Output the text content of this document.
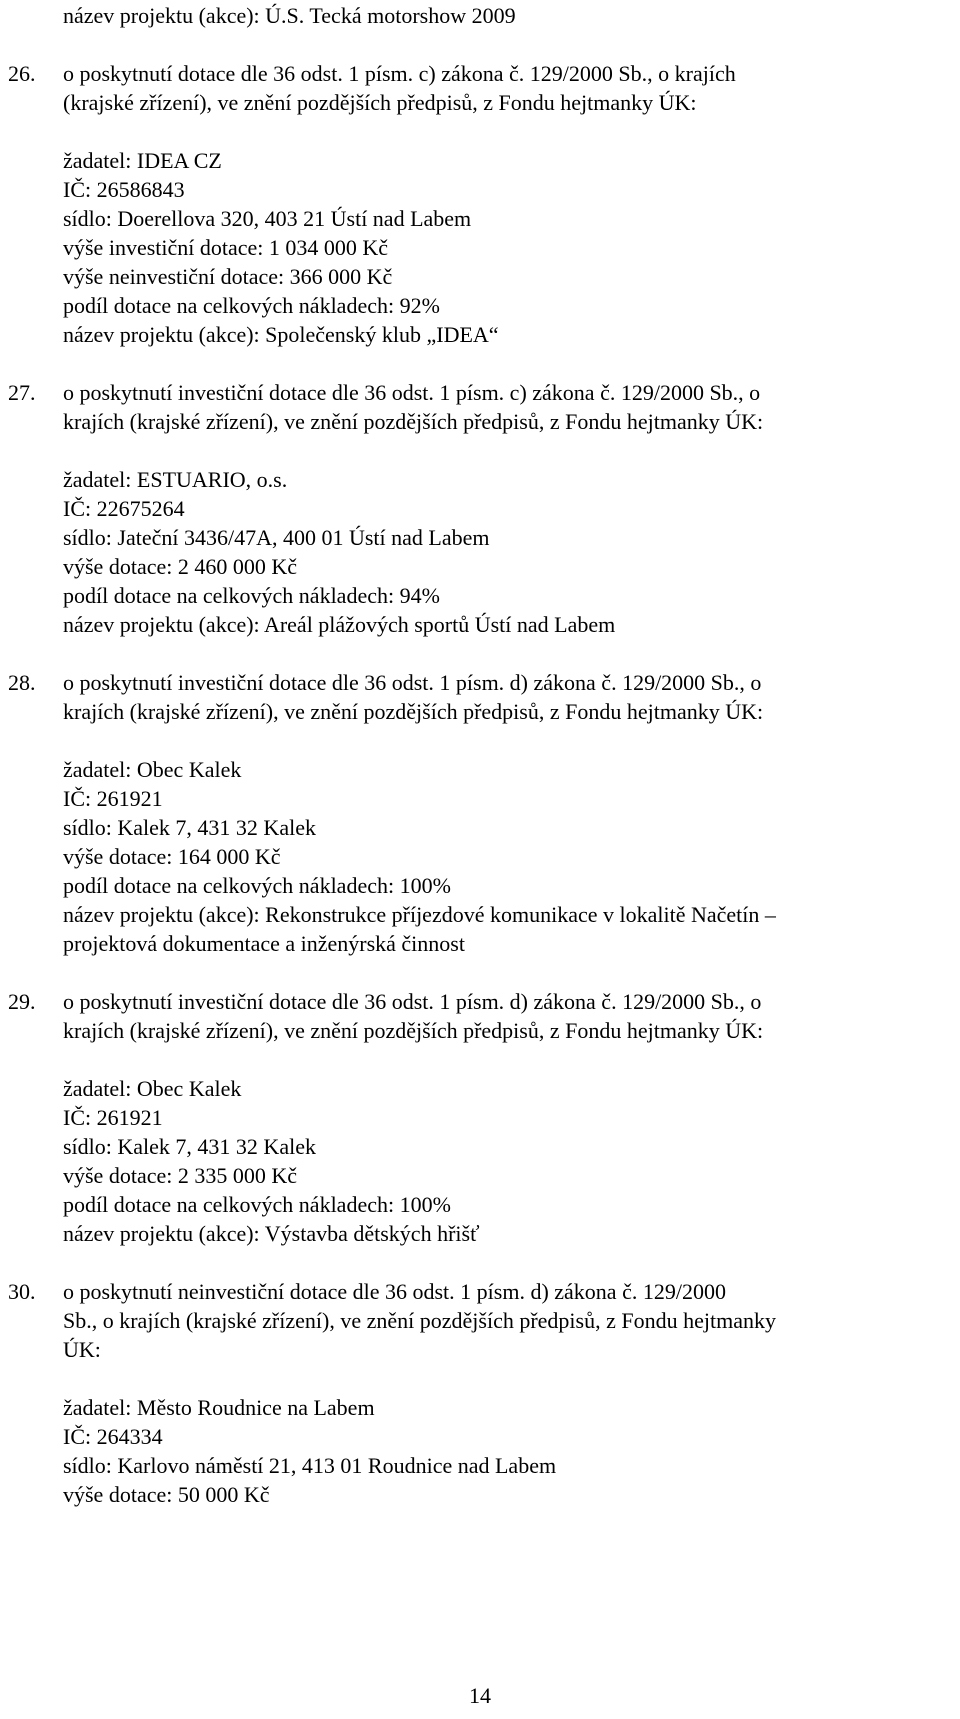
název projektu (akce): Ú.S. Tecká motorshow 2009
26. o poskytnutí dotace dle 36 odst. 1 písm. c) zákona č. 129/2000 Sb., o krajích
(krajské zřízení), ve znění pozdějších předpisů, z Fondu hejtmanky ÚK:
žadatel: IDEA CZ
IČ: 26586843
sídlo: Doerellova 320, 403 21 Ústí nad Labem
výše investiční dotace: 1 034 000 Kč
výše neinvestiční dotace: 366 000 Kč
podíl dotace na celkových nákladech: 92%
název projektu (akce): Společenský klub „IDEA“
27. o poskytnutí investiční dotace dle 36 odst. 1 písm. c) zákona č. 129/2000 Sb., o
krajích (krajské zřízení), ve znění pozdějších předpisů, z Fondu hejtmanky ÚK:
žadatel: ESTUARIO, o.s.
IČ: 22675264
sídlo: Jateční 3436/47A, 400 01 Ústí nad Labem
výše dotace: 2 460 000 Kč
podíl dotace na celkových nákladech: 94%
název projektu (akce): Areál plážových sportů Ústí nad Labem
28. o poskytnutí investiční dotace dle 36 odst. 1 písm. d) zákona č. 129/2000 Sb., o
krajích (krajské zřízení), ve znění pozdějších předpisů, z Fondu hejtmanky ÚK:
žadatel: Obec Kalek
IČ: 261921
sídlo: Kalek 7, 431 32 Kalek
výše dotace: 164 000 Kč
podíl dotace na celkových nákladech: 100%
název projektu (akce): Rekonstrukce příjezdové komunikace v lokalitě Načetín –
projektová dokumentace a inženýrská činnost
29. o poskytnutí investiční dotace dle 36 odst. 1 písm. d) zákona č. 129/2000 Sb., o
krajích (krajské zřízení), ve znění pozdějších předpisů, z Fondu hejtmanky ÚK:
žadatel: Obec Kalek
IČ: 261921
sídlo: Kalek 7, 431 32 Kalek
výše dotace: 2 335 000 Kč
podíl dotace na celkových nákladech: 100%
název projektu (akce): Výstavba dětských hřišť
30. o poskytnutí neinvestiční dotace dle 36 odst. 1 písm. d) zákona č. 129/2000
Sb., o krajích (krajské zřízení), ve znění pozdějších předpisů, z Fondu hejtmanky
ÚK:
žadatel: Město Roudnice na Labem
IČ: 264334
sídlo: Karlovo náměstí 21, 413 01 Roudnice nad Labem
výše dotace: 50 000 Kč
14
